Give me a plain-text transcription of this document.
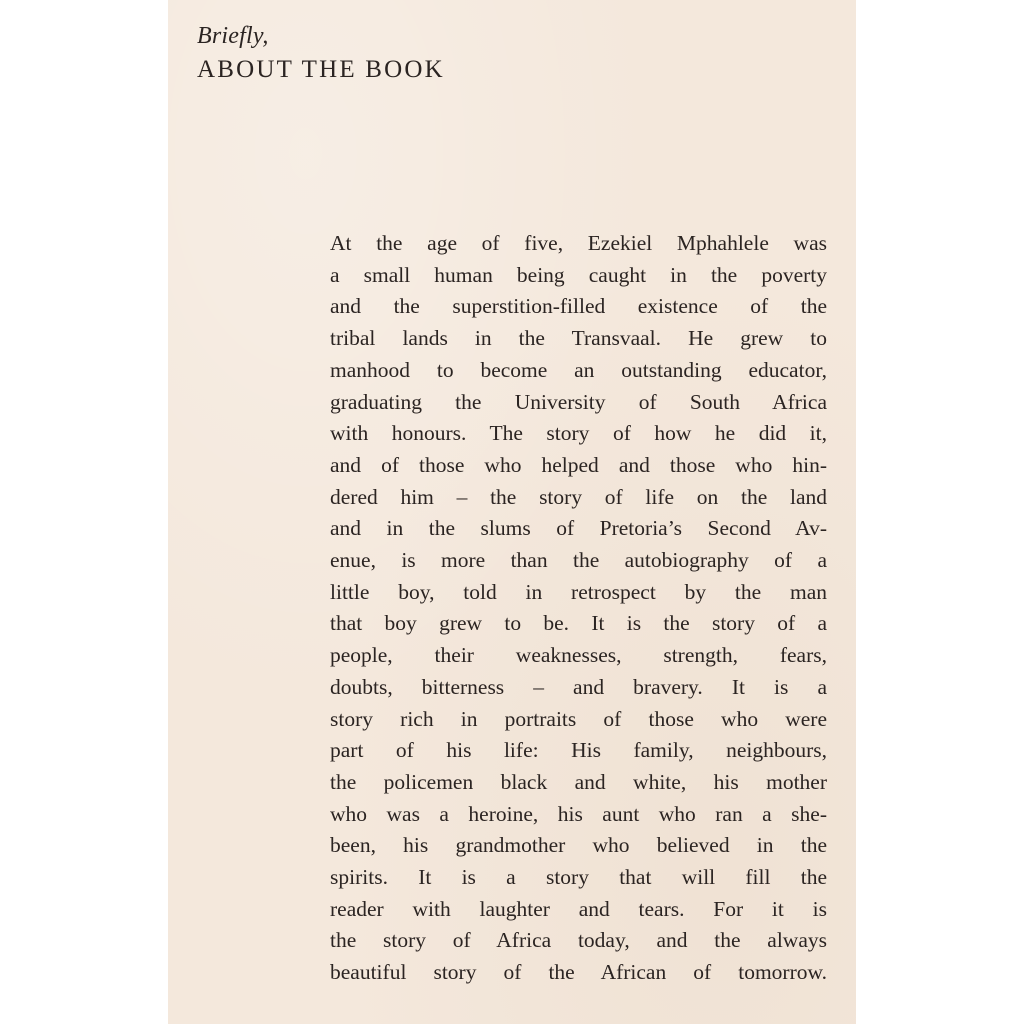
Briefly,

ABOUT THE BOOK
At the age of five, Ezekiel Mphahlele was
a small human being caught in the poverty
and the superstition-filled existence of the
tribal lands in the Transvaal. He grew to
manhood to become an outstanding educator,
graduating the University of South Africa
with honours. The story of how he did it,
and of those who helped and those who hin-
dered him – the story of life on the land
and in the slums of Pretoria’s Second Av-
enue, is more than the autobiography of a
little boy, told in retrospect by the man
that boy grew to be. It is the story of a
people, their weaknesses, strength, fears,
doubts, bitterness – and bravery. It is a
story rich in portraits of those who were
part of his life: His family, neighbours,
the policemen black and white, his mother
who was a heroine, his aunt who ran a she-
been, his grandmother who believed in the
spirits. It is a story that will fill the
reader with laughter and tears. For it is
the story of Africa today, and the always
beautiful story of the African of tomorrow.
